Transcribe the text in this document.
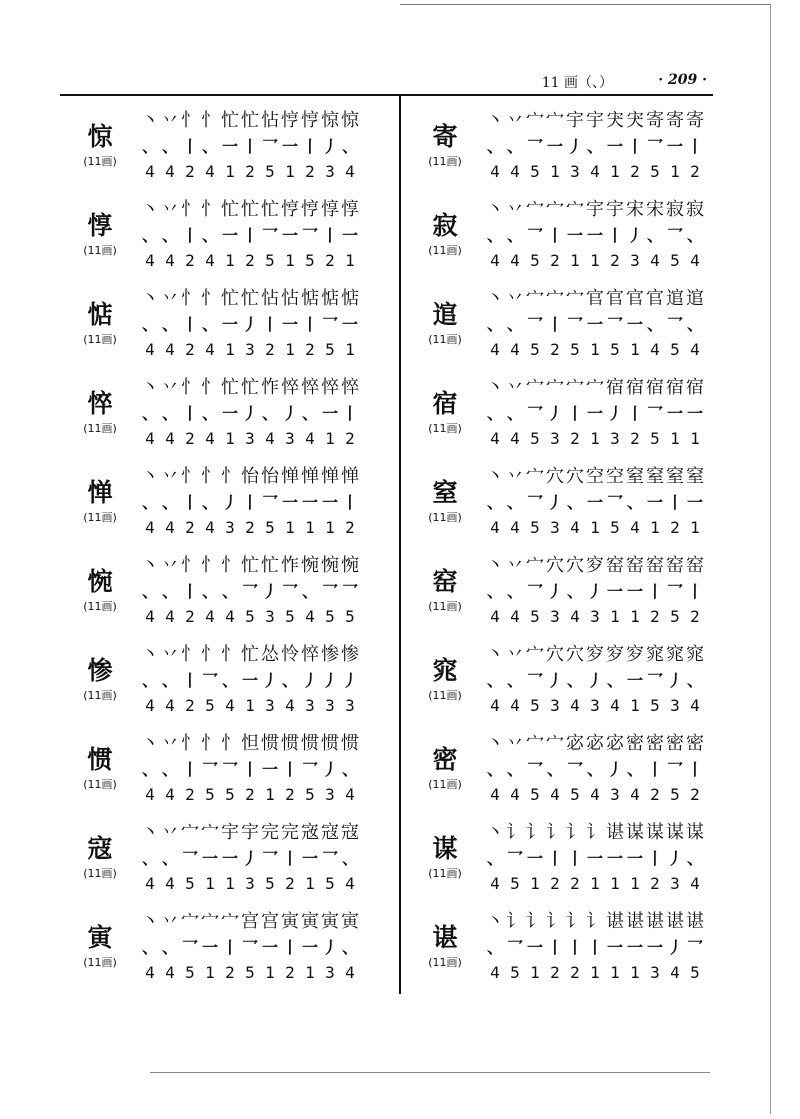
11 画（、）	· 209 ·
惊
(11画)
丶 丷 忄 忄 忙 忙 怗 悙 悙 惊 惊
、 、 丨 、 一 丨 乛 一 丨 丿 、
4 4 2 4 1 2 5 1 2 3 4
惇
(11画)
丶 丷 忄 忄 忙 忙 忙 悙 悙 惇 惇
、 、 丨 、 一 丨 乛 一 乛 丨 一
4 4 2 4 1 2 5 1 5 2 1
惦
(11画)
丶 丷 忄 忄 忙 忙 怗 怗 惦 惦 惦
、 、 丨 、 一 丿 丨 一 丨 乛 一
4 4 2 4 1 3 2 1 2 5 1
悴
(11画)
丶 丷 忄 忄 忙 忙 怍 悴 悴 悴 悴
、 、 丨 、 一 丿 、 丿 、 一 丨
4 4 2 4 1 3 4 3 4 1 2
惮
(11画)
丶 丷 忄 忄 忄 怡 怡 惮 惮 惮 惮
、 、 丨 、 丿 丨 乛 一 一 一 丨
4 4 2 4 3 2 5 1 1 1 2
惋
(11画)
丶 丷 忄 忄 忄 忙 忙 怍 惋 惋 惋
、 、 丨 、 、 乛 丿 乛 、 乛 乛
4 4 2 4 4 5 3 5 4 5 5
惨
(11画)
丶 丷 忄 忄 忄 忙 怂 怜 悴 惨 惨
、 、 丨 乛 、 一 丿 、 丿 丿 丿
4 4 2 5 4 1 3 4 3 3 3
惯
(11画)
丶 丷 忄 忄 忄 怛 惯 惯 惯 惯 惯
、 、 丨 乛 乛 丨 一 丨 乛 丿 、
4 4 2 5 5 2 1 2 5 3 4
寇
(11画)
丶 丷 宀 宀 宇 宇 完 完 宼 寇 寇
、 、 乛 一 一 丿 乛 丨 一 乛 、
4 4 5 1 1 3 5 2 1 5 4
寅
(11画)
丶 丷 宀 宀 宀 宫 宫 寅 寅 寅 寅
、 、 乛 一 丨 乛 一 丨 一 丿 、
4 4 5 1 2 5 1 2 1 3 4
寄
(11画)
丶 丷 宀 宀 宇 宇 宊 宊 寄 寄 寄
、 、 乛 一 丿 、 一 丨 乛 一 丨
4 4 5 1 3 4 1 2 5 1 2
寂
(11画)
丶 丷 宀 宀 宀 宇 宇 宋 宋 寂 寂
、 、 乛 丨 一 一 丨 丿 、 乛 、
4 4 5 2 1 1 2 3 4 5 4
逭
(11画)
丶 丷 宀 宀 宀 官 官 官 官 逭 逭
、 、 乛 丨 乛 一 乛 一 、 乛 、
4 4 5 2 5 1 5 1 4 5 4
宿
(11画)
丶 丷 宀 宀 宀 宀 宿 宿 宿 宿 宿
、 、 乛 丿 丨 一 丿 丨 乛 一 一
4 4 5 3 2 1 3 2 5 1 1
窒
(11画)
丶 丷 宀 穴 穴 空 空 窒 窒 窒 窒
、 、 乛 丿 、 一 乛 、 一 丨 一
4 4 5 3 4 1 5 4 1 2 1
窑
(11画)
丶 丷 宀 穴 穴 穸 窑 窑 窑 窑 窑
、 、 乛 丿 、 丿 一 一 丨 乛 丨
4 4 5 3 4 3 1 1 2 5 2
窕
(11画)
丶 丷 宀 穴 穴 穸 穸 穸 窕 窕 窕
、 、 乛 丿 、 丿 、 一 乛 丿 、
4 4 5 3 4 3 4 1 5 3 4
密
(11画)
丶 丷 宀 宀 宓 宓 宓 密 密 密 密
、 、 乛 、 乛 、 丿 、 丨 乛 丨
4 4 5 4 5 4 3 4 2 5 2
谋
(11画)
丶 讠 讠 讠 讠 讠 谌 谋 谋 谋 谋
、 乛 一 丨 丨 一 一 一 丨 丿 、
4 5 1 2 2 1 1 1 2 3 4
谌
(11画)
丶 讠 讠 讠 讠 讠 谌 谌 谌 谌 谌
、 乛 一 丨 丨 丨 一 一 一 丿 乛
4 5 1 2 2 1 1 1 3 4 5
